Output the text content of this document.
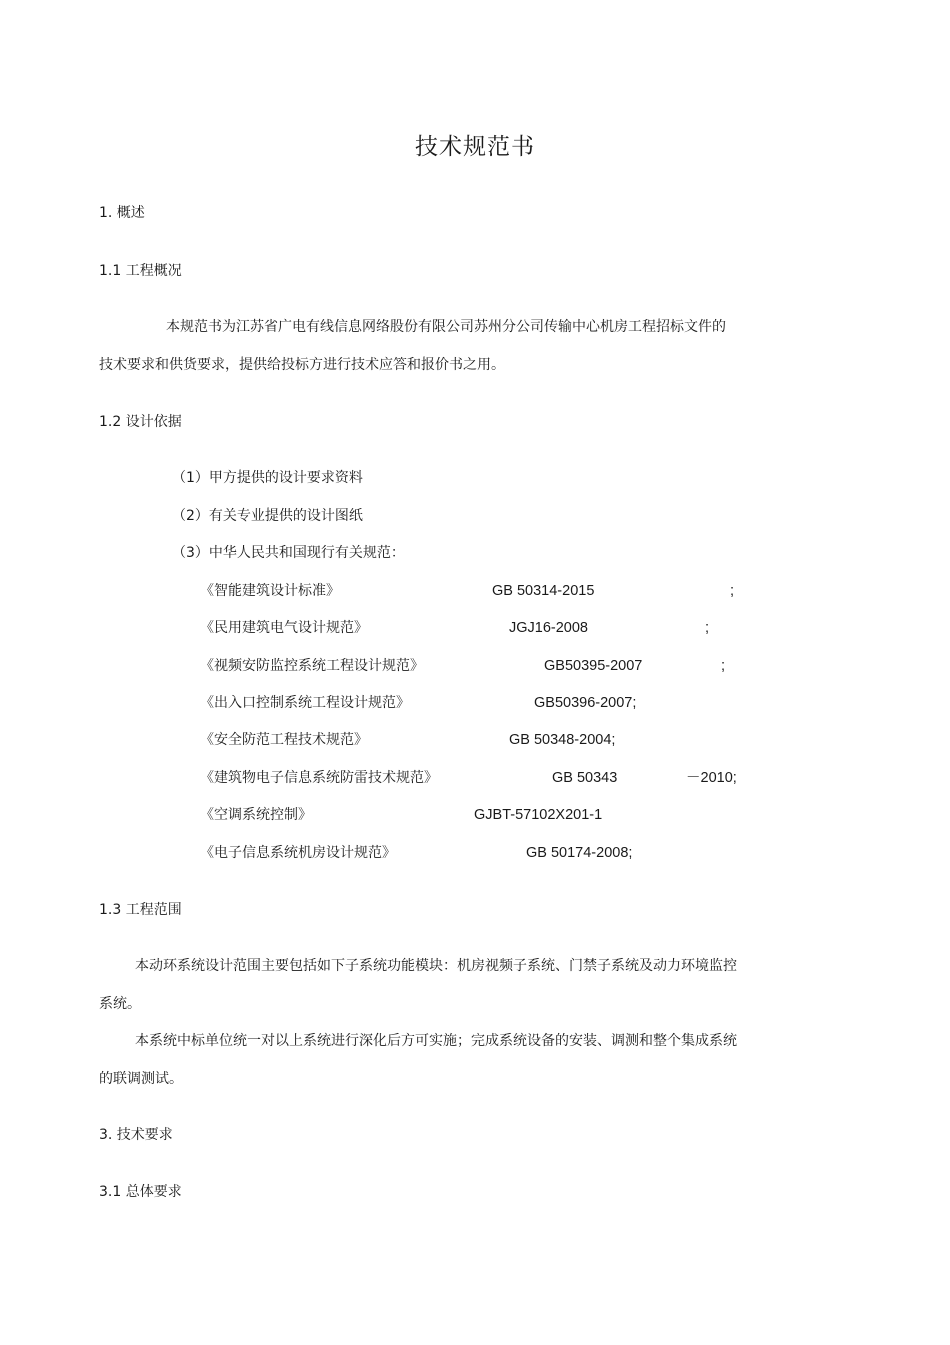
技术规范书
1. 概述
1.1 工程概况
本规范书为江苏省广电有线信息网络股份有限公司苏州分公司传输中心机房工程招标文件的
技术要求和供货要求，提供给投标方进行技术应答和报价书之用。
1.2 设计依据
（1）甲方提供的设计要求资料
（2）有关专业提供的设计图纸
（3）中华人民共和国现行有关规范：
《智能建筑设计标准》	GB 50314-2015	;
《民用建筑电气设计规范》	JGJ16-2008	;
《视频安防监控系统工程设计规范》	GB50395-2007	;
《出入口控制系统工程设计规范》	GB50396-2007;
《安全防范工程技术规范》	GB 50348-2004;
《建筑物电子信息系统防雷技术规范》	GB 50343	－2010;
《空调系统控制》	GJBT-57102X201-1
《电子信息系统机房设计规范》	GB 50174-2008;
1.3 工程范围
本动环系统设计范围主要包括如下子系统功能模块：机房视频子系统、门禁子系统及动力环境监控
系统。
本系统中标单位统一对以上系统进行深化后方可实施；完成系统设备的安装、调测和整个集成系统
的联调测试。
3. 技术要求
3.1 总体要求
